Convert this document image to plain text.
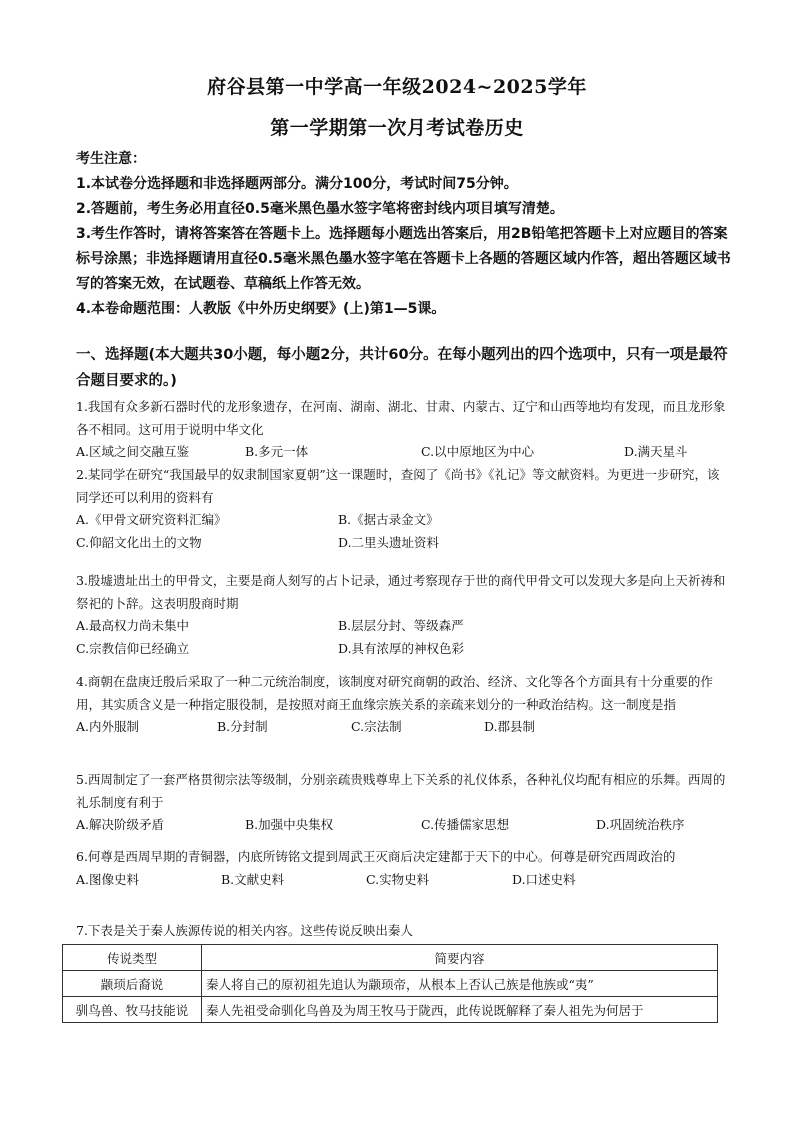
府谷县第一中学高一年级2024~2025学年
第一学期第一次月考试卷历史

考生注意：

1.本试卷分选择题和非选择题两部分。满分100分，考试时间75分钟。

2.答题前，考生务必用直径0.5毫米黑色墨水签字笔将密封线内项目填写清楚。

3.考生作答时，请将答案答在答题卡上。选择题每小题选出答案后，用2B铅笔把答题卡上对应题目的答案标号涂黑；非选择题请用直径0.5毫米黑色墨水签字笔在答题卡上各题的答题区域内作答，超出答题区域书写的答案无效，在试题卷、草稿纸上作答无效。

4.本卷命题范围：人教版《中外历史纲要》(上)第1—5课。

一、选择题(本大题共30小题，每小题2分，共计60分。在每小题列出的四个选项中，只有一项是最符合题目要求的。)

1.我国有众多新石器时代的龙形象遗存，在河南、湖南、湖北、甘肃、内蒙古、辽宁和山西等地均有发现，而且龙形象各不相同。这可用于说明中华文化

A.区域之间交融互鉴	B.多元一体	C.以中原地区为中心	D.满天星斗

2.某同学在研究“我国最早的奴隶制国家夏朝”这一课题时，查阅了《尚书》《礼记》等文献资料。为更进一步研究，该同学还可以利用的资料有

A.《甲骨文研究资料汇编》	B.《据古录金文》
C.仰韶文化出土的文物	D.二里头遗址资料

3.殷墟遗址出土的甲骨文，主要是商人刻写的占卜记录，通过考察现存于世的商代甲骨文可以发现大多是向上天祈祷和祭祀的卜辞。这表明殷商时期

A.最高权力尚未集中	B.层层分封、等级森严
C.宗教信仰已经确立	D.具有浓厚的神权色彩

4.商朝在盘庚迁殷后采取了一种二元统治制度，该制度对研究商朝的政治、经济、文化等各个方面具有十分重要的作用，其实质含义是一种指定服役制，是按照对商王血缘宗族关系的亲疏来划分的一种政治结构。这一制度是指

A.内外服制	B.分封制	C.宗法制	D.郡县制

5.西周制定了一套严格贯彻宗法等级制，分别亲疏贵贱尊卑上下关系的礼仪体系，各种礼仪均配有相应的乐舞。西周的礼乐制度有利于

A.解决阶级矛盾	B.加强中央集权	C.传播儒家思想	D.巩固统治秩序

6.何尊是西周早期的青铜器，内底所铸铭文提到周武王灭商后决定建都于天下的中心。何尊是研究西周政治的

A.图像史料	B.文献史料	C.实物史料	D.口述史料

7.下表是关于秦人族源传说的相关内容。这些传说反映出秦人

传说类型	简要内容
颛顼后裔说	秦人将自己的原初祖先追认为颛顼帝，从根本上否认己族是他族或“夷”
驯鸟兽、牧马技能说	秦人先祖受命驯化鸟兽及为周王牧马于陇西，此传说既解释了秦人祖先为何居于
